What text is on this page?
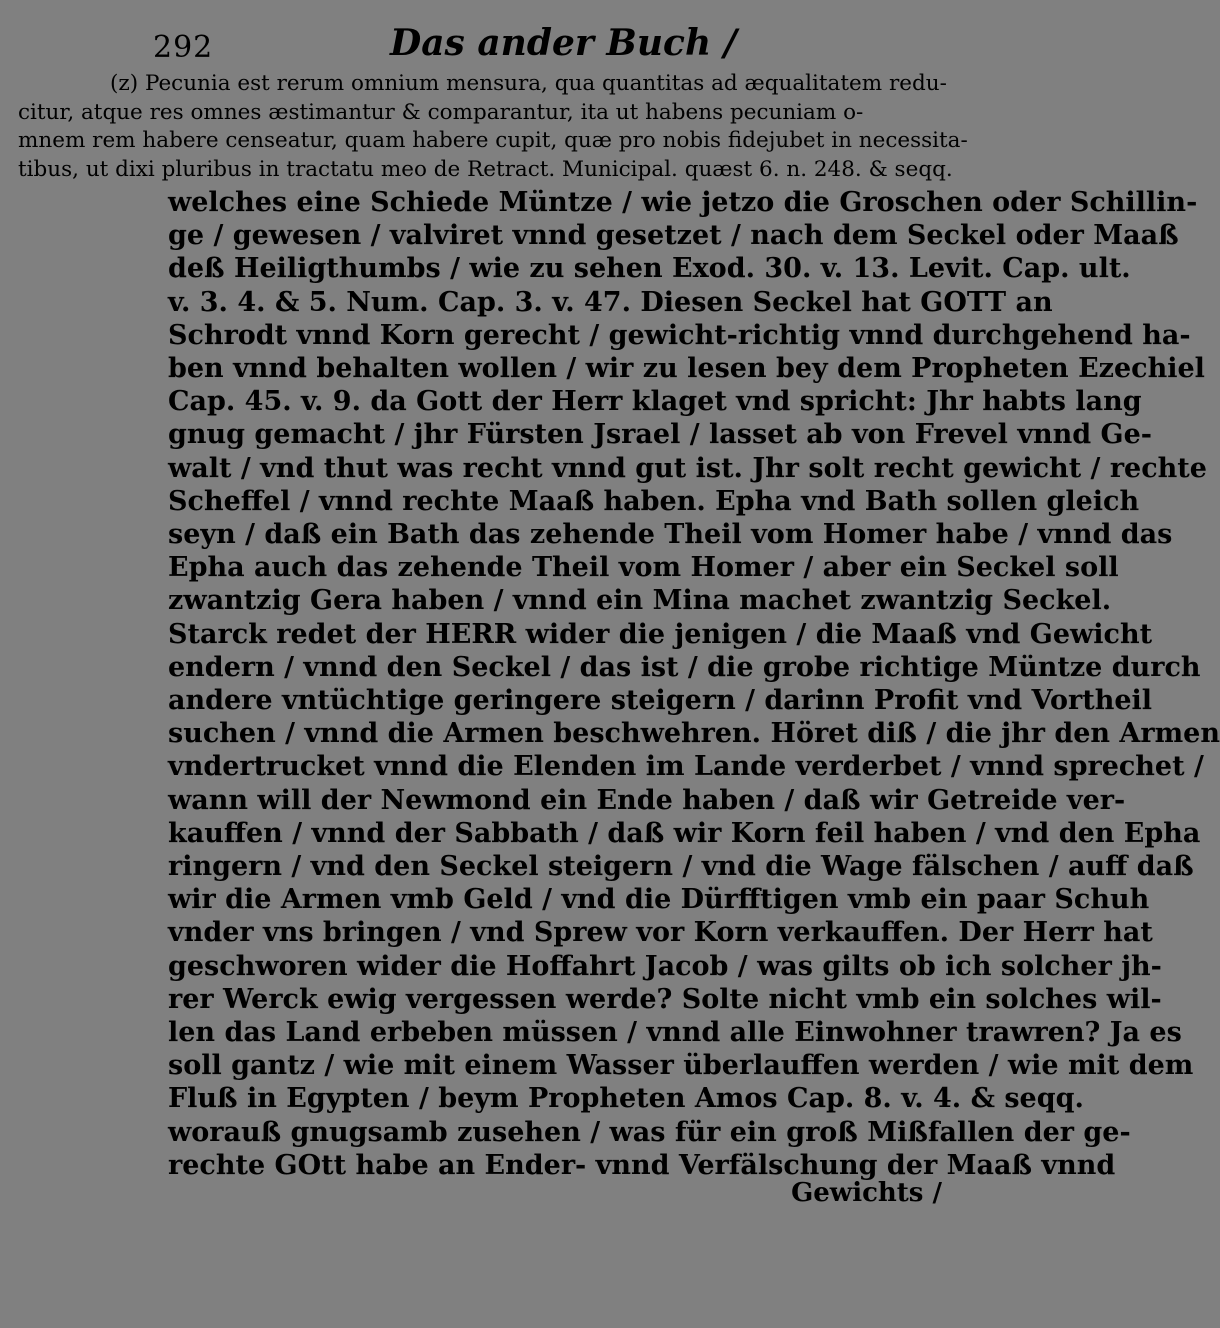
292	Das ander Buch /
(z) Pecunia est rerum omnium mensura, qua quantitas ad æqualitatem redu-
citur, atque res omnes æstimantur & comparantur, ita ut habens pecuniam o-
mnem rem habere censeatur, quam habere cupit, quæ pro nobis fidejubet in necessita-
tibus, ut dixi pluribus in tractatu meo de Retract. Municipal. quæst 6. n. 248. & seqq.
welches eine Schiede Müntze / wie jetzo die Groschen oder Schillin-
ge / gewesen / valviret vnnd gesetzet / nach dem Seckel oder Maaß
deß Heiligthumbs / wie zu sehen Exod. 30. v. 13. Levit. Cap. ult.
v. 3. 4. & 5. Num. Cap. 3. v. 47. Diesen Seckel hat GOTT an
Schrodt vnnd Korn gerecht / gewicht-richtig vnnd durchgehend ha-
ben vnnd behalten wollen / wir zu lesen bey dem Propheten Ezechiel
Cap. 45. v. 9. da Gott der Herr klaget vnd spricht: Jhr habts lang
gnug gemacht / jhr Fürsten Jsrael / lasset ab von Frevel vnnd Ge-
walt / vnd thut was recht vnnd gut ist. Jhr solt recht gewicht / rechte
Scheffel / vnnd rechte Maaß haben. Epha vnd Bath sollen gleich
seyn / daß ein Bath das zehende Theil vom Homer habe / vnnd das
Epha auch das zehende Theil vom Homer / aber ein Seckel soll
zwantzig Gera haben / vnnd ein Mina machet zwantzig Seckel.
Starck redet der HERR wider die jenigen / die Maaß vnd Gewicht
endern / vnnd den Seckel / das ist / die grobe richtige Müntze durch
andere vntüchtige geringere steigern / darinn Profit vnd Vortheil
suchen / vnnd die Armen beschwehren. Höret diß / die jhr den Armen
vndertrucket vnnd die Elenden im Lande verderbet / vnnd sprechet /
wann will der Newmond ein Ende haben / daß wir Getreide ver-
kauffen / vnnd der Sabbath / daß wir Korn feil haben / vnd den Epha
ringern / vnd den Seckel steigern / vnd die Wage fälschen / auff daß
wir die Armen vmb Geld / vnd die Dürfftigen vmb ein paar Schuh
vnder vns bringen / vnd Sprew vor Korn verkauffen. Der Herr hat
geschworen wider die Hoffahrt Jacob / was gilts ob ich solcher jh-
rer Werck ewig vergessen werde? Solte nicht vmb ein solches wil-
len das Land erbeben müssen / vnnd alle Einwohner trawren? Ja es
soll gantz / wie mit einem Wasser überlauffen werden / wie mit dem
Fluß in Egypten / beym Propheten Amos Cap. 8. v. 4. & seqq.
worauß gnugsamb zusehen / was für ein groß Mißfallen der ge-
rechte GOtt habe an Ender- vnnd Verfälschung der Maaß vnnd
Gewichts /
